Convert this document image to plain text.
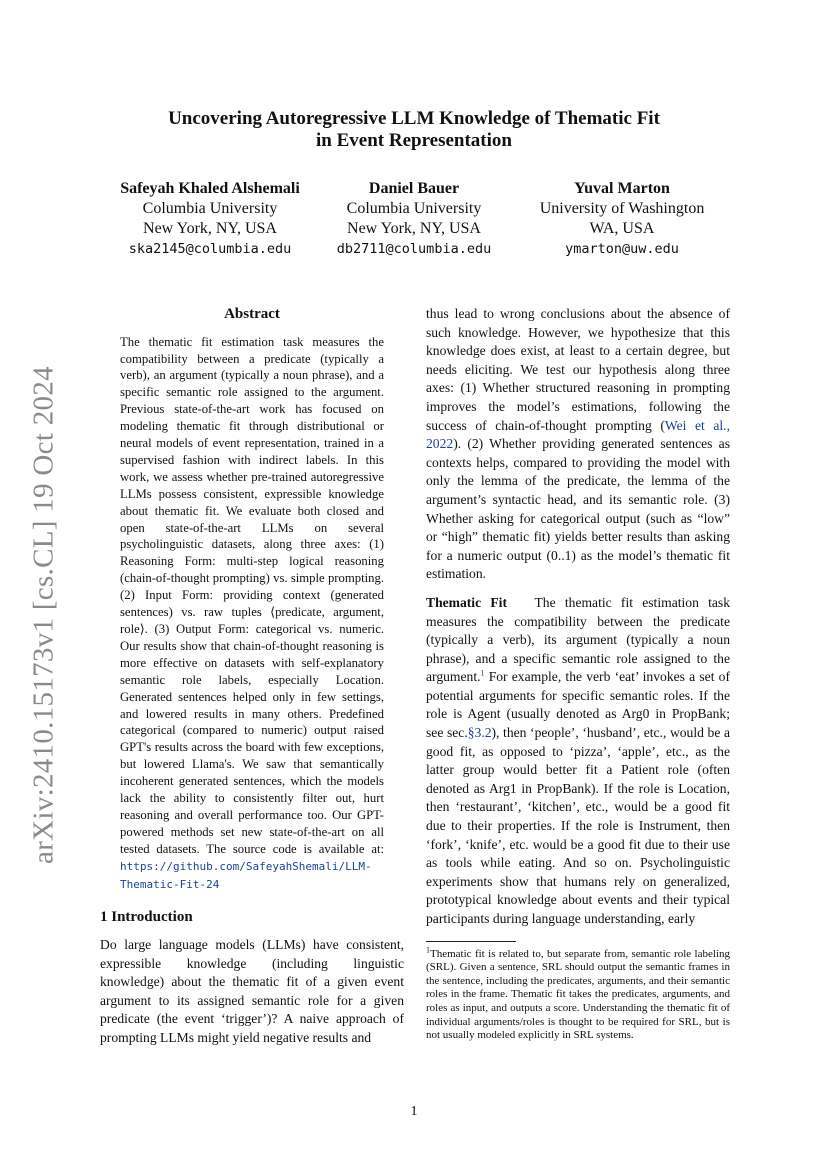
arXiv:2410.15173v1 [cs.CL] 19 Oct 2024
Uncovering Autoregressive LLM Knowledge of Thematic Fit
in Event Representation
Safeyah Khaled Alshemali
Columbia University
New York, NY, USA
ska2145@columbia.edu
Daniel Bauer
Columbia University
New York, NY, USA
db2711@columbia.edu
Yuval Marton
University of Washington
WA, USA
ymarton@uw.edu
Abstract
The thematic fit estimation task measures the compatibility between a predicate (typically a verb), an argument (typically a noun phrase), and a specific semantic role assigned to the argument. Previous state-of-the-art work has focused on modeling thematic fit through distributional or neural models of event representation, trained in a supervised fashion with indirect labels. In this work, we assess whether pre-trained autoregressive LLMs possess consistent, expressible knowledge about thematic fit. We evaluate both closed and open state-of-the-art LLMs on several psycholinguistic datasets, along three axes: (1) Reasoning Form: multi-step logical reasoning (chain-of-thought prompting) vs. simple prompting. (2) Input Form: providing context (generated sentences) vs. raw tuples ⟨predicate, argument, role⟩. (3) Output Form: categorical vs. numeric. Our results show that chain-of-thought reasoning is more effective on datasets with self-explanatory semantic role labels, especially Location. Generated sentences helped only in few settings, and lowered results in many others. Predefined categorical (compared to numeric) output raised GPT's results across the board with few exceptions, but lowered Llama's. We saw that semantically incoherent generated sentences, which the models lack the ability to consistently filter out, hurt reasoning and overall performance too. Our GPT-powered methods set new state-of-the-art on all tested datasets. The source code is available at: https://github.com/SafeyahShemali/LLM-Thematic-Fit-24
1 Introduction

Do large language models (LLMs) have consistent, expressible knowledge (including linguistic knowledge) about the thematic fit of a given event argument to its assigned semantic role for a given predicate (the event ‘trigger’)? A naive approach of prompting LLMs might yield negative results and

thus lead to wrong conclusions about the absence of such knowledge. However, we hypothesize that this knowledge does exist, at least to a certain degree, but needs eliciting. We test our hypothesis along three axes: (1) Whether structured reasoning in prompting improves the model’s estimations, following the success of chain-of-thought prompting (Wei et al., 2022). (2) Whether providing generated sentences as contexts helps, compared to providing the model with only the lemma of the predicate, the lemma of the argument’s syntactic head, and its semantic role. (3) Whether asking for categorical output (such as “low” or “high” thematic fit) yields better results than asking for a numeric output (0..1) as the model’s thematic fit estimation.

Thematic Fit The thematic fit estimation task measures the compatibility between the predicate (typically a verb), its argument (typically a noun phrase), and a specific semantic role assigned to the argument.$^1$ For example, the verb ‘eat’ invokes a set of potential arguments for specific semantic roles. If the role is Agent (usually denoted as Arg0 in PropBank; see sec.§3.2), then ‘people’, ‘husband’, etc., would be a good fit, as opposed to ‘pizza’, ‘apple’, etc., as the latter group would better fit a Patient role (often denoted as Arg1 in PropBank). If the role is Location, then ‘restaurant’, ‘kitchen’, etc., would be a good fit due to their properties. If the role is Instrument, then ‘fork’, ‘knife’, etc. would be a good fit due to their use as tools while eating. And so on. Psycholinguistic experiments show that humans rely on generalized, prototypical knowledge about events and their typical participants during language understanding, early

$^1$Thematic fit is related to, but separate from, semantic role labeling (SRL). Given a sentence, SRL should output the semantic frames in the sentence, including the predicates, arguments, and their semantic roles in the frame. Thematic fit takes the predicates, arguments, and roles as input, and outputs a score. Understanding the thematic fit of individual arguments/roles is thought to be required for SRL, but is not usually modeled explicitly in SRL systems.
1
